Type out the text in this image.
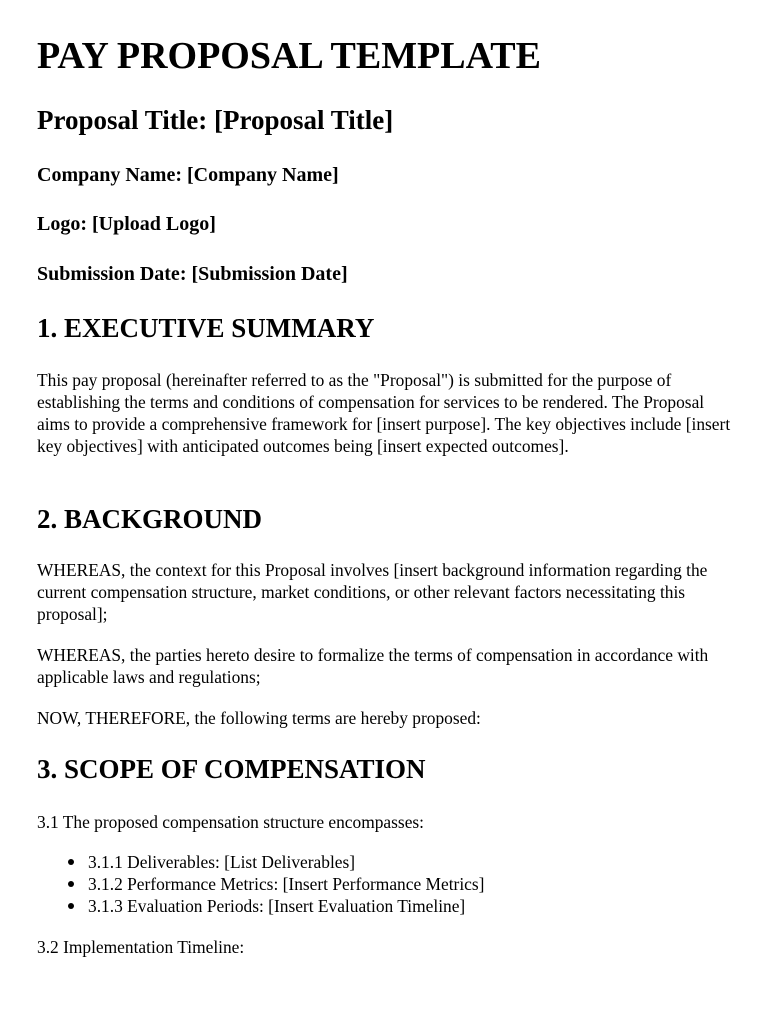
PAY PROPOSAL TEMPLATE
Proposal Title: [Proposal Title]

Company Name: [Company Name]

Logo: [Upload Logo]

Submission Date: [Submission Date]

1. EXECUTIVE SUMMARY

This pay proposal (hereinafter referred to as the "Proposal") is submitted for the purpose of establishing the terms and conditions of compensation for services to be rendered. The Proposal aims to provide a comprehensive framework for [insert purpose]. The key objectives include [insert key objectives] with anticipated outcomes being [insert expected outcomes].

2. BACKGROUND

WHEREAS, the context for this Proposal involves [insert background information regarding the current compensation structure, market conditions, or other relevant factors necessitating this proposal];

WHEREAS, the parties hereto desire to formalize the terms of compensation in accordance with applicable laws and regulations;

NOW, THEREFORE, the following terms are hereby proposed:

3. SCOPE OF COMPENSATION

3.1 The proposed compensation structure encompasses:

3.1.1 Deliverables: [List Deliverables]
3.1.2 Performance Metrics: [Insert Performance Metrics]
3.1.3 Evaluation Periods: [Insert Evaluation Timeline]

3.2 Implementation Timeline:
